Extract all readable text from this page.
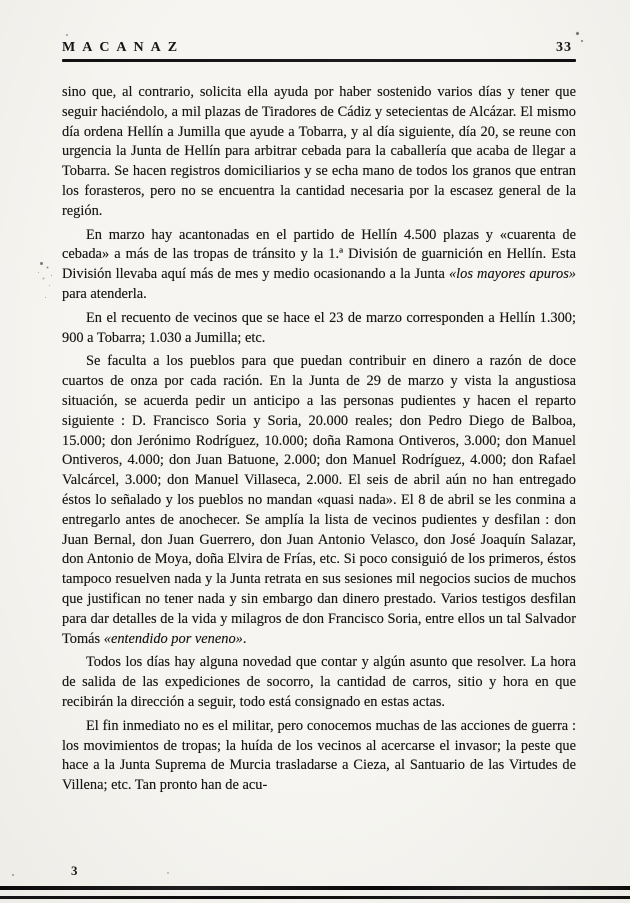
MACANAZ	33

sino que, al contrario, solicita ella ayuda por haber sostenido varios días y tener que seguir haciéndolo, a mil plazas de Tiradores de Cádiz y setecientas de Alcázar. El mismo día ordena Hellín a Jumilla que ayude a Tobarra, y al día siguiente, día 20, se reune con urgencia la Junta de Hellín para arbitrar cebada para la caballería que acaba de llegar a Tobarra. Se hacen registros domiciliarios y se echa mano de todos los granos que entran los forasteros, pero no se encuentra la cantidad necesaria por la escasez general de la región.

En marzo hay acantonadas en el partido de Hellín 4.500 plazas y «cuarenta de cebada» a más de las tropas de tránsito y la 1.ª División de guarnición en Hellín. Esta División llevaba aquí más de mes y medio ocasionando a la Junta «los mayores apuros» para atenderla.

En el recuento de vecinos que se hace el 23 de marzo corresponden a Hellín 1.300; 900 a Tobarra; 1.030 a Jumilla; etc.

Se faculta a los pueblos para que puedan contribuir en dinero a razón de doce cuartos de onza por cada ración. En la Junta de 29 de marzo y vista la angustiosa situación, se acuerda pedir un anticipo a las personas pudientes y hacen el reparto siguiente : D. Francisco Soria y Soria, 20.000 reales; don Pedro Diego de Balboa, 15.000; don Jerónimo Rodríguez, 10.000; doña Ramona Ontiveros, 3.000; don Manuel Ontiveros, 4.000; don Juan Batuone, 2.000; don Manuel Rodríguez, 4.000; don Rafael Valcárcel, 3.000; don Manuel Villaseca, 2.000. El seis de abril aún no han entregado éstos lo señalado y los pueblos no mandan «quasi nada». El 8 de abril se les conmina a entregarlo antes de anochecer. Se amplía la lista de vecinos pudientes y desfilan : don Juan Bernal, don Juan Guerrero, don Juan Antonio Velasco, don José Joaquín Salazar, don Antonio de Moya, doña Elvira de Frías, etc. Si poco consiguió de los primeros, éstos tampoco resuelven nada y la Junta retrata en sus sesiones mil negocios sucios de muchos que justifican no tener nada y sin embargo dan dinero prestado. Varios testigos desfilan para dar detalles de la vida y milagros de don Francisco Soria, entre ellos un tal Salvador Tomás «entendido por veneno».

Todos los días hay alguna novedad que contar y algún asunto que resolver. La hora de salida de las expediciones de socorro, la cantidad de carros, sitio y hora en que recibirán la dirección a seguir, todo está consignado en estas actas.

El fin inmediato no es el militar, pero conocemos muchas de las acciones de guerra : los movimientos de tropas; la huída de los vecinos al acercarse el invasor; la peste que hace a la Junta Suprema de Murcia trasladarse a Cieza, al Santuario de las Virtudes de Villena; etc. Tan pronto han de acu-

3
